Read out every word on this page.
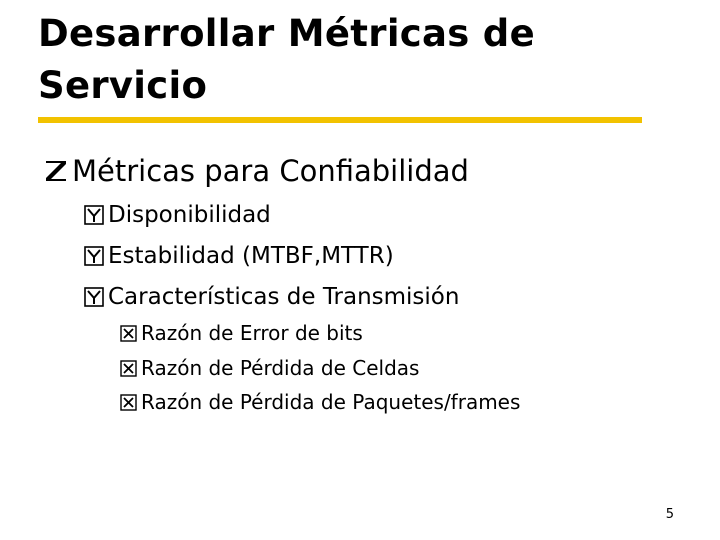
Desarrollar Métricas de Servicio
Métricas para Confiabilidad
Disponibilidad
Estabilidad (MTBF,MTTR)
Características de Transmisión
Razón de Error de bits
Razón de Pérdida de Celdas
Razón de Pérdida de Paquetes/frames
5
